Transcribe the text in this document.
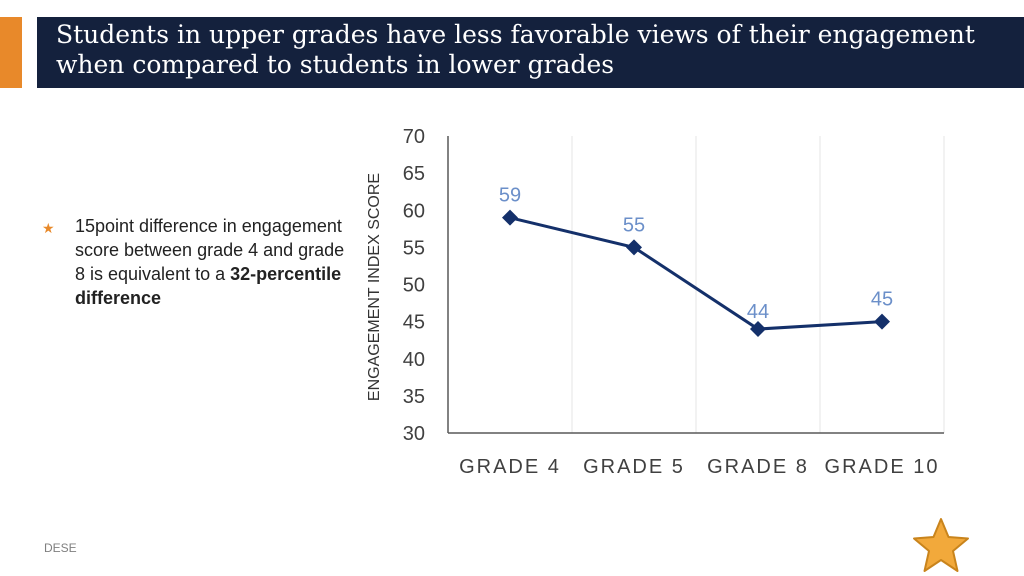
Students in upper grades have less favorable views of their engagement when compared to students in lower grades
★ 15point difference in engagement score between grade 4 and grade 8 is equivalent to a 32-percentile difference
70
65
60
55
50
45
40
35
30
GRADE 4 GRADE 5 GRADE 8 GRADE 10
ENGAGEMENT INDEX SCORE	59
55
44
45
DESE
